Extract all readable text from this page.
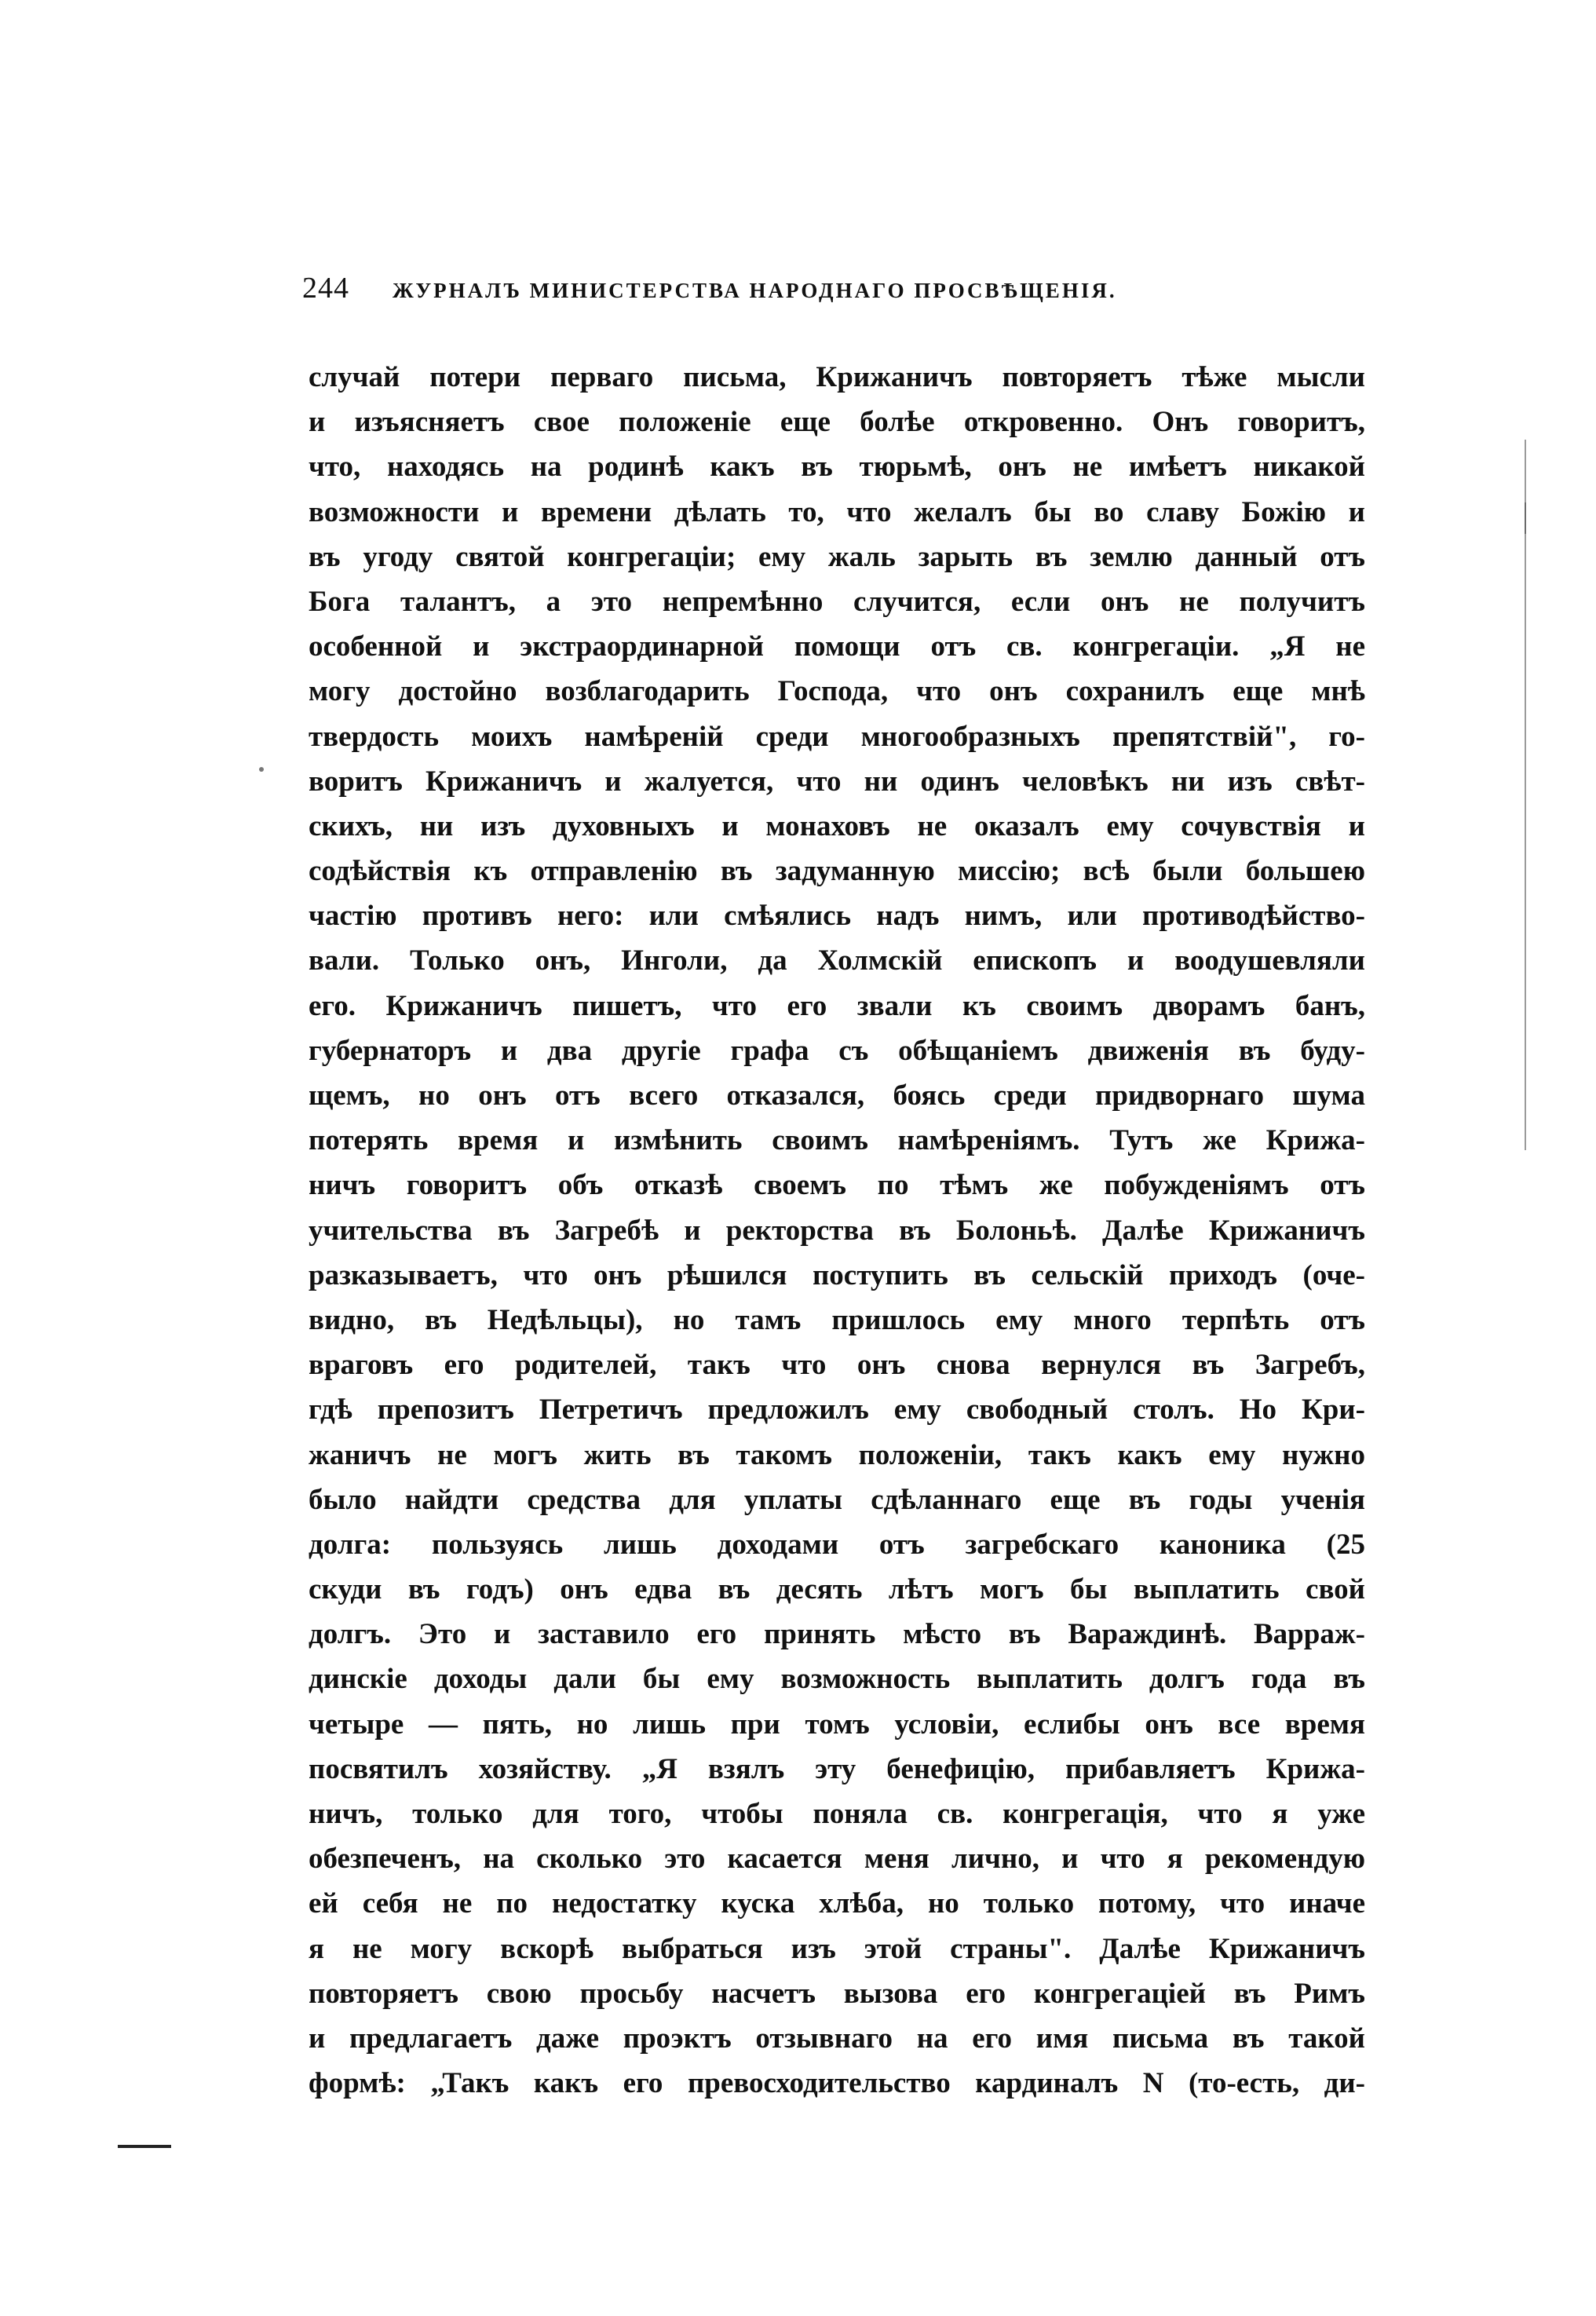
244 ЖУРНАЛЪ МИНИСТЕРСТВА НАРОДНАГО ПРОСВѢЩЕНІЯ.
случай потери перваго письма, Крижаничъ повторяетъ тѣже мысли
и изъясняетъ свое положеніе еще болѣе откровенно. Онъ говоритъ,
что, находясь на родинѣ какъ въ тюрьмѣ, онъ не имѣетъ никакой
возможности и времени дѣлать то, что желалъ бы во славу Божію и
въ угоду святой конгрегаціи; ему жаль зарыть въ землю данный отъ
Бога талантъ, а это непремѣнно случится, если онъ не получитъ
особенной и экстраординарной помощи отъ св. конгрегаціи. „Я не
могу достойно возблагодарить Господа, что онъ сохранилъ еще мнѣ
твердость моихъ намѣреній среди многообразныхъ препятствій", го-
воритъ Крижаничъ и жалуется, что ни одинъ человѣкъ ни изъ свѣт-
скихъ, ни изъ духовныхъ и монаховъ не оказалъ ему сочувствія и
содѣйствія къ отправленію въ задуманную миссію; всѣ были большею
частію противъ него: или смѣялись надъ нимъ, или противодѣйство-
вали. Только онъ, Инголи, да Холмскій епископъ и воодушевляли
его. Крижаничъ пишетъ, что его звали къ своимъ дворамъ банъ,
губернаторъ и два другіе графа съ обѣщаніемъ движенія въ буду-
щемъ, но онъ отъ всего отказался, боясь среди придворнаго шума
потерять время и измѣнить своимъ намѣреніямъ. Тутъ же Крижа-
ничъ говоритъ объ отказѣ своемъ по тѣмъ же побужденіямъ отъ
учительства въ Загребѣ и ректорства въ Болоньѣ. Далѣе Крижаничъ
разказываетъ, что онъ рѣшился поступить въ сельскій приходъ (оче-
видно, въ Недѣльцы), но тамъ пришлось ему много терпѣть отъ
враговъ его родителей, такъ что онъ снова вернулся въ Загребъ,
гдѣ препозитъ Петретичъ предложилъ ему свободный столъ. Но Кри-
жаничъ не могъ жить въ такомъ положеніи, такъ какъ ему нужно
было найдти средства для уплаты сдѣланнаго еще въ годы ученія
долга: пользуясь лишь доходами отъ загребскаго каноника (25
скуди въ годъ) онъ едва въ десять лѣтъ могъ бы выплатить свой
долгъ. Это и заставило его принять мѣсто въ Вараждинѣ. Варраж-
динскіе доходы дали бы ему возможность выплатить долгъ года въ
четыре — пять, но лишь при томъ условіи, еслибы онъ все время
посвятилъ хозяйству. „Я взялъ эту бенефицію, прибавляетъ Крижа-
ничъ, только для того, чтобы поняла св. конгрегація, что я уже
обезпеченъ, на сколько это касается меня лично, и что я рекомендую
ей себя не по недостатку куска хлѣба, но только потому, что иначе
я не могу вскорѣ выбраться изъ этой страны". Далѣе Крижаничъ
повторяетъ свою просьбу насчетъ вызова его конгрегаціей въ Римъ
и предлагаетъ даже проэктъ отзывнаго на его имя письма въ такой
формѣ: „Такъ какъ его превосходительство кардиналъ N (то-есть, ди-
